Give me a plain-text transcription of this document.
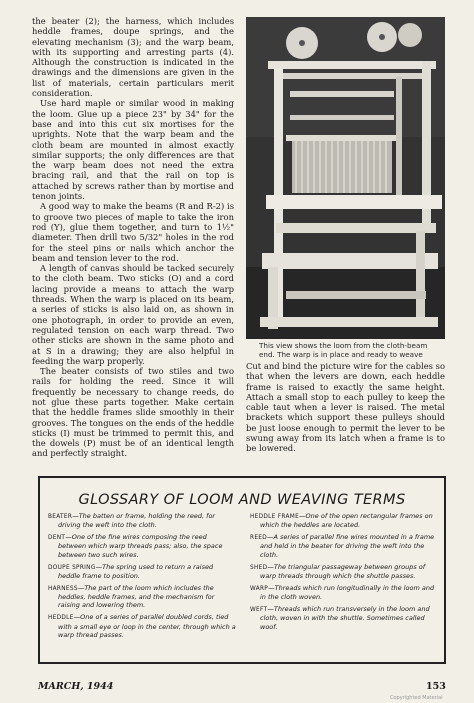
the beater (2); the harness, which includes heddle frames, doupe springs, and the elevating mechanism (3); and the warp beam, with its supporting and arresting parts (4). Although the construction is indicated in the drawings and the dimensions are given in the list of materials, certain particulars merit consideration.

Use hard maple or similar wood in making the loom. Glue up a piece 23" by 34" for the base and into this cut six mortises for the uprights. Note that the warp beam and the cloth beam are mounted in almost exactly similar supports; the only differences are that the warp beam does not need the extra bracing rail, and that the rail on top is attached by screws rather than by mortise and tenon joints.

A good way to make the beams (R and R-2) is to groove two pieces of maple to take the iron rod (Y), glue them together, and turn to 1½" diameter. Then drill two 5/32" holes in the rod for the steel pins or nails which anchor the beam and tension lever to the rod.

A length of canvas should be tacked securely to the cloth beam. Two sticks (O) and a cord lacing provide a means to attach the warp threads. When the warp is placed on its beam, a series of sticks is also laid on, as shown in one photograph, in order to provide an even, regulated tension on each warp thread. Two other sticks are shown in the same photo and at S in a drawing; they are also helpful in feeding the warp properly.

The beater consists of two stiles and two rails for holding the reed. Since it will frequently be necessary to change reeds, do not glue these parts together. Make certain that the heddle frames slide smoothly in their grooves. The tongues on the ends of the heddle sticks (I) must be trimmed to permit this, and the dowels (P) must be of an identical length and perfectly straight.

This view shows the loom from the cloth-beam end. The warp is in place and ready to weave

Cut and bind the picture wire for the cables so that when the levers are down, each heddle frame is raised to exactly the same height. Attach a small stop to each pulley to keep the cable taut when a lever is raised. The metal brackets which support these pulleys should be just loose enough to permit the lever to be swung away from its latch when a frame is to be lowered.

GLOSSARY OF LOOM AND WEAVING TERMS
BEATER—The batten or frame, holding the reed, for driving the weft into the cloth.
DENT—One of the fine wires composing the reed between which warp threads pass; also, the space between two such wires.
DOUPE SPRING—The spring used to return a raised heddle frame to position.
HARNESS—The part of the loom which includes the heddles, heddle frames, and the mechanism for raising and lowering them.
HEDDLE—One of a series of parallel doubled cords, tied with a small eye or loop in the center, through which a warp thread passes.
HEDDLE FRAME—One of the open rectangular frames on which the heddles are located.
REED—A series of parallel fine wires mounted in a frame and held in the beater for driving the weft into the cloth.
SHED—The triangular passageway between groups of warp threads through which the shuttle passes.
WARP—Threads which run longitudinally in the loom and in the cloth woven.
WEFT—Threads which run transversely in the loom and cloth, woven in with the shuttle. Sometimes called woof.
MARCH, 1944	153
Copyrighted Material
